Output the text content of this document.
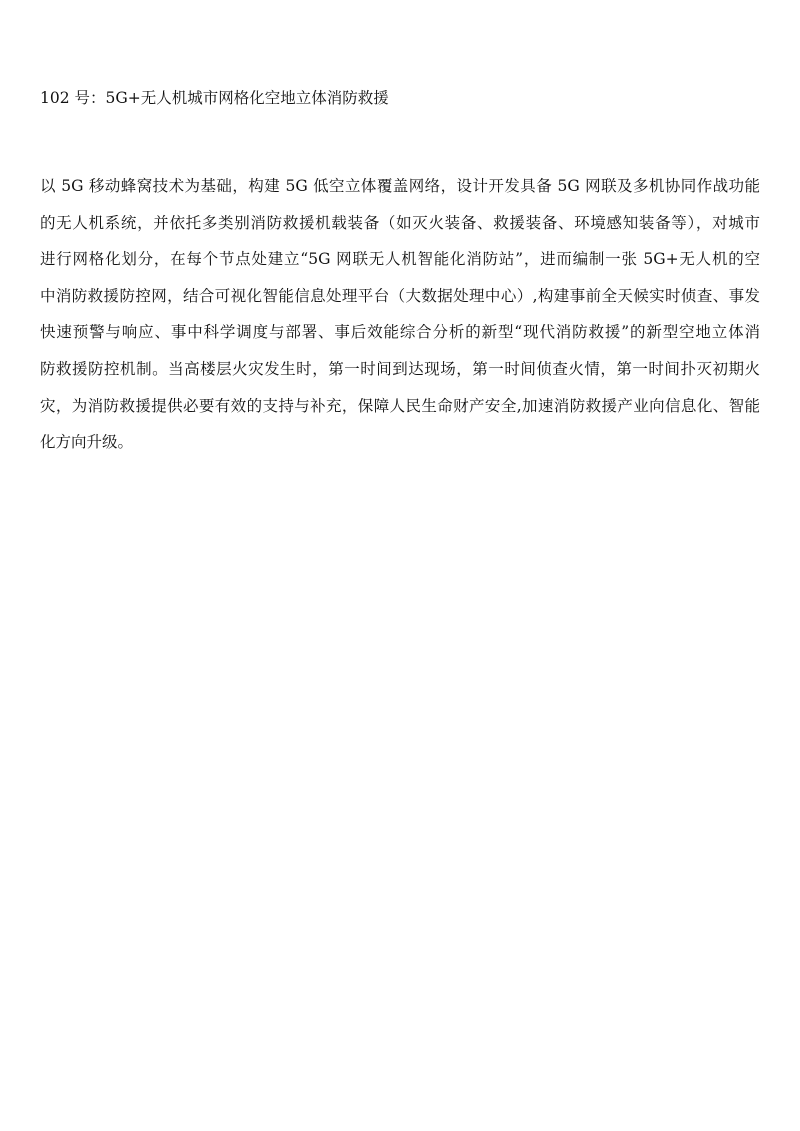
102 号：5G+无人机城市网格化空地立体消防救援
以 5G 移动蜂窝技术为基础，构建 5G 低空立体覆盖网络，设计开发具备 5G 网联及多机协同作战功能
的无人机系统，并依托多类别消防救援机载装备（如灭火装备、救援装备、环境感知装备等），对城市
进行网格化划分，在每个节点处建立“5G 网联无人机智能化消防站”，进而编制一张 5G+无人机的空
中消防救援防控网，结合可视化智能信息处理平台（大数据处理中心）,构建事前全天候实时侦查、事发
快速预警与响应、事中科学调度与部署、事后效能综合分析的新型“现代消防救援”的新型空地立体消
防救援防控机制。当高楼层火灾发生时，第一时间到达现场，第一时间侦查火情，第一时间扑灭初期火
灾，为消防救援提供必要有效的支持与补充，保障人民生命财产安全,加速消防救援产业向信息化、智能
化方向升级。
